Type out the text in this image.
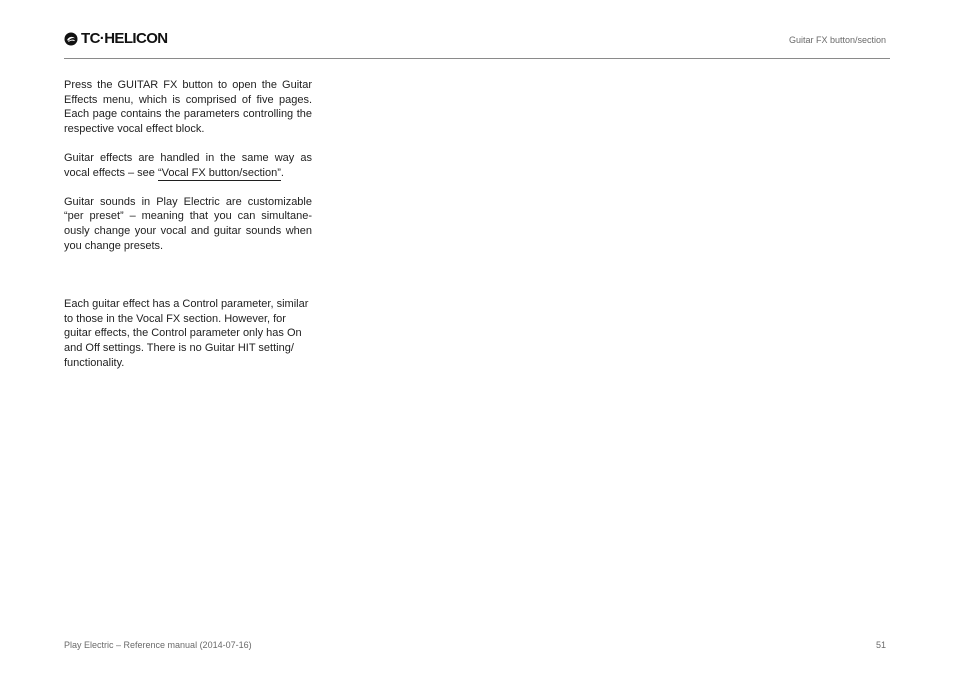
TC·HELICON	Guitar FX button/section

Press the GUITAR FX button to open the Guitar Effects menu, which is comprised of five pages. Each page contains the parameters controlling the respective vocal effect block.

Guitar effects are handled in the same way as vocal effects – see “Vocal FX button/section”.

Guitar sounds in Play Electric are customizable “per preset” – meaning that you can simultaneously change your vocal and guitar sounds when you change presets.

Each guitar effect has a Control parameter, similar to those in the Vocal FX section. However, for guitar effects, the Control parameter only has On and Off settings. There is no Guitar HIT setting/ functionality.

Play Electric – Reference manual (2014-07-16)	51
